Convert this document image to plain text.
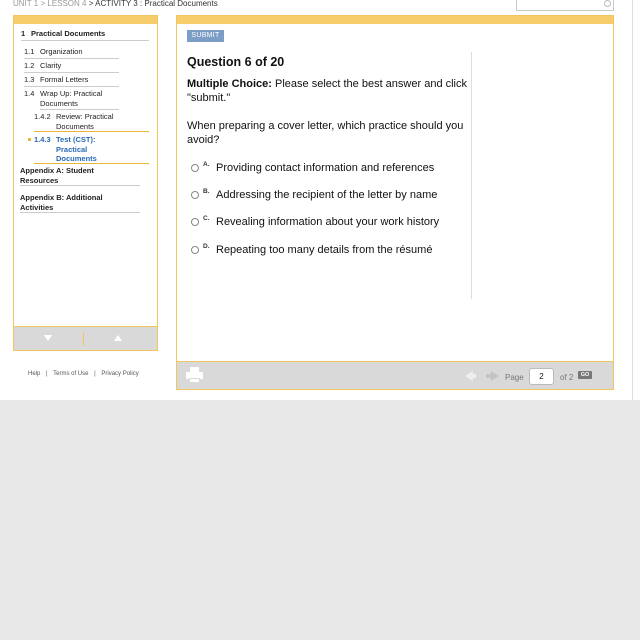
UNIT 1 > LESSON 4 > ACTIVITY 3 : Practical Documents
1 Practical Documents
1.1 Organization
1.2 Clarity
1.3 Formal Letters
1.4 Wrap Up: Practical
Documents
1.4.2 Review: Practical
Documents
1.4.3 Test (CST):
Practical
Documents
Appendix A: Student
Resources
Appendix B: Additional
Activities
Help | Terms of Use | Privacy Policy
SUBMIT
Question 6 of 20
Multiple Choice: Please select the best answer and click "submit."
When preparing a cover letter, which practice should you avoid?
A. Providing contact information and references
B. Addressing the recipient of the letter by name
C. Revealing information about your work history
D. Repeating too many details from the résumé
Page
2	of 2	GO
